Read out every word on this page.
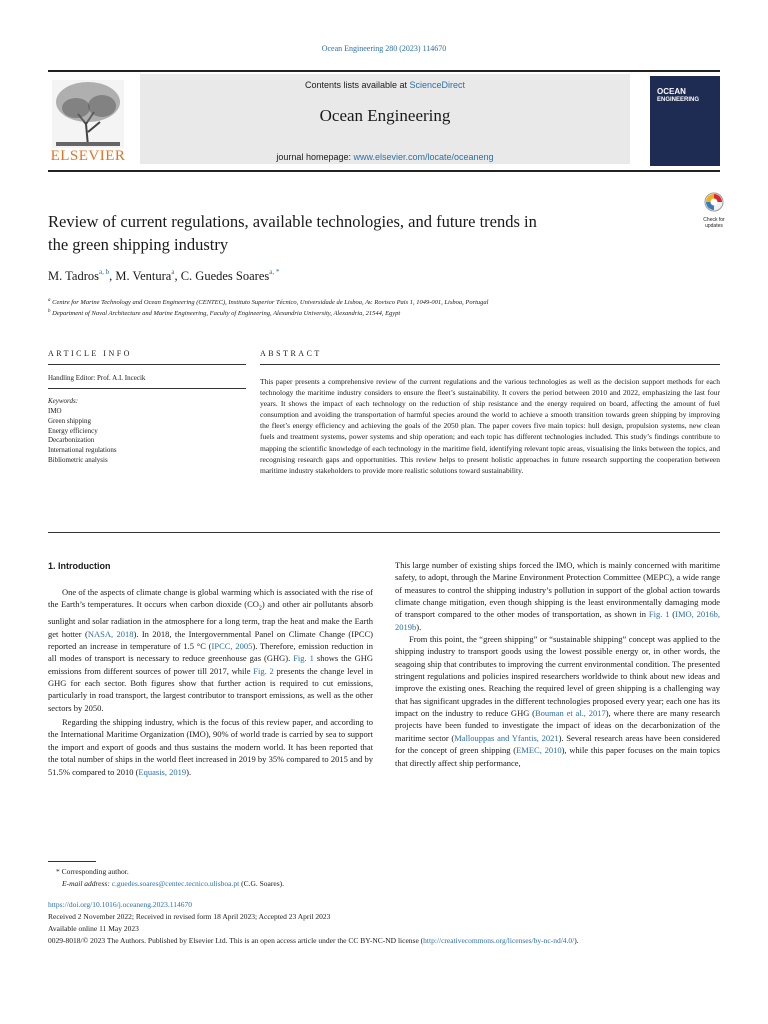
Ocean Engineering 280 (2023) 114670
ELSEVIER
Contents lists available at ScienceDirect
Ocean Engineering
journal homepage: www.elsevier.com/locate/oceaneng
OCEAN
ENGINEERING
Check for
updates
Review of current regulations, available technologies, and future trends in
the green shipping industry
M. Tadros$^{a, b}$, M. Ventura$^a$, C. Guedes Soares$^{a, *}$
$^a$ Centre for Marine Technology and Ocean Engineering (CENTEC), Instituto Superior Técnico, Universidade de Lisboa, Av. Rovisco Pais 1, 1049-001, Lisboa, Portugal
$^b$ Department of Naval Architecture and Marine Engineering, Faculty of Engineering, Alexandria University, Alexandria, 21544, Egypt
ARTICLE INFO
Handling Editor: Prof. A.I. Incecik
Keywords:
IMO
Green shipping
Energy efficiency
Decarbonization
International regulations
Bibliometric analysis
ABSTRACT
This paper presents a comprehensive review of the current regulations and the various technologies as well as the decision support methods for each technology the maritime industry considers to ensure the fleet’s sustainability. It covers the period between 2010 and 2022, emphasizing the last four years. It shows the impact of each technology on the reduction of ship resistance and the energy required on board, affecting the amount of fuel consumption and avoiding the transportation of harmful species around the world to achieve a smooth transition towards green shipping by improving the fleet’s energy efficiency and achieving the goals of the 2050 plan. The paper covers five main topics: hull design, propulsion systems, new clean fuels and treatment systems, power systems and ship operation; and each topic has different technologies included. This study’s findings contribute to mapping the scientific knowledge of each technology in the maritime field, identifying relevant topic areas, visualising the links between the topics, and recognising research gaps and opportunities. This review helps to present holistic approaches in future research supporting the cooperation between maritime industry stakeholders to provide more realistic solutions toward sustainability.
1. Introduction

One of the aspects of climate change is global warming which is associated with the rise of the Earth’s temperatures. It occurs when carbon dioxide $(CO_2)$ and other air pollutants absorb sunlight and solar radiation in the atmosphere for a long term, trap the heat and make the Earth get hotter (NASA, 2018). In 2018, the Intergovernmental Panel on Climate Change (IPCC) reported an increase in temperature of 1.5 °C (IPCC, 2005). Therefore, emission reduction in all modes of transport is necessary to reduce greenhouse gas (GHG). Fig. 1 shows the GHG emissions from different sources of power till 2017, while Fig. 2 presents the change level in GHG for each sector. Both figures show that further action is required to cut emissions, particularly in road transport, the largest contributor to transport emissions, as well as the other sectors by 2050.

Regarding the shipping industry, which is the focus of this review paper, and according to the International Maritime Organization (IMO), 90% of world trade is carried by sea to support the import and export of goods and thus sustains the modern world. It has been reported that the total number of ships in the world fleet increased in 2019 by 35% compared to 2015 and by 51.5% compared to 2010 (Equasis, 2019).

This large number of existing ships forced the IMO, which is mainly concerned with maritime safety, to adopt, through the Marine Environment Protection Committee (MEPC), a wide range of measures to control the shipping industry’s pollution in support of the global action towards climate change mitigation, even though shipping is the least environmentally damaging mode of transport compared to the other modes of transportation, as shown in Fig. 1 (IMO, 2016b, 2019b).

From this point, the “green shipping” or “sustainable shipping” concept was applied to the shipping industry to transport goods using the lowest possible energy or, in other words, the seagoing ship that contributes to improving the current environmental condition. The presented stringent regulations and policies inspired researchers worldwide to think about new ideas and improve the existing ones. Reaching the required level of green shipping is a challenging way that has significant upgrades in the different technologies proposed every year; each one has its impact on the industry to reduce GHG (Bouman et al., 2017), where there are many research projects have been funded to investigate the impact of ideas on the decarbonization of the maritime sector (Mallouppas and Yfantis, 2021). Several research areas have been considered for the concept of green shipping (EMEC, 2010), while this paper focuses on the main topics that directly affect ship performance,

* Corresponding author.
E-mail address: c.guedes.soares@centec.tecnico.ulisboa.pt (C.G. Soares).
https://doi.org/10.1016/j.oceaneng.2023.114670
Received 2 November 2022; Received in revised form 18 April 2023; Accepted 23 April 2023
Available online 11 May 2023
0029-8018/© 2023 The Authors. Published by Elsevier Ltd. This is an open access article under the CC BY-NC-ND license (http://creativecommons.org/licenses/by-nc-nd/4.0/).
